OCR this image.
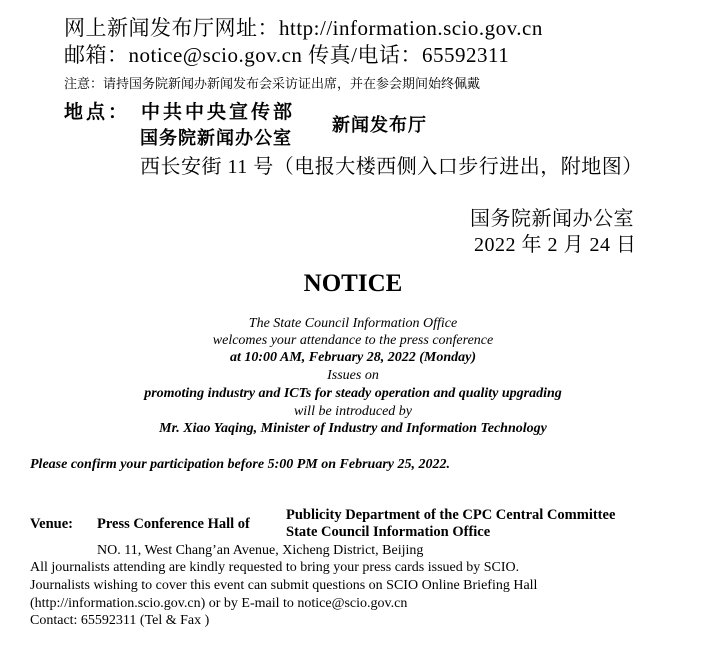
网上新闻发布厅网址：http://information.scio.gov.cn
邮箱：notice@scio.gov.cn 传真/电话：65592311
注意：请持国务院新闻办新闻发布会采访证出席，并在参会期间始终佩戴
地点： 中共中央宣传部
国务院新闻办公室
新闻发布厅
西长安街 11 号（电报大楼西侧入口步行进出，附地图）
国务院新闻办公室
2022 年 2 月 24 日
NOTICE
The State Council Information Office
welcomes your attendance to the press conference
at 10:00 AM, February 28, 2022 (Monday)
Issues on
promoting industry and ICTs for steady operation and quality upgrading
will be introduced by
Mr. Xiao Yaqing, Minister of Industry and Information Technology
Please confirm your participation before 5:00 PM on February 25, 2022.
Venue: Press Conference Hall of
Publicity Department of the CPC Central Committee
State Council Information Office
NO. 11, West Chang’an Avenue, Xicheng District, Beijing
All journalists attending are kindly requested to bring your press cards issued by SCIO.
Journalists wishing to cover this event can submit questions on SCIO Online Briefing Hall
(http://information.scio.gov.cn) or by E-mail to notice@scio.gov.cn
Contact: 65592311 (Tel & Fax )
